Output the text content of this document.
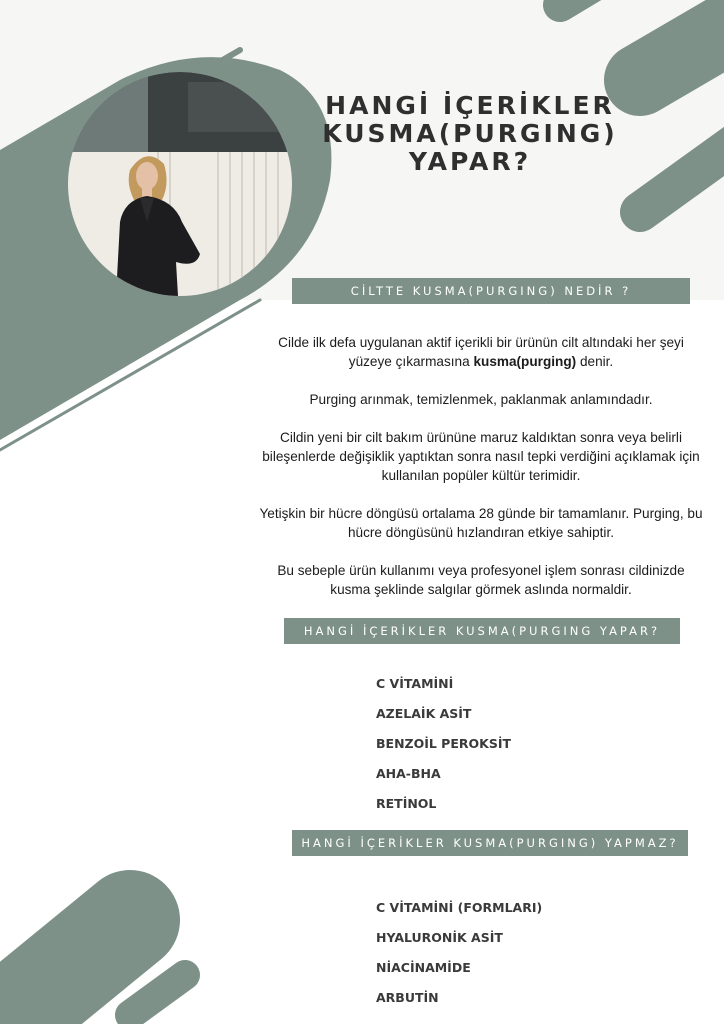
HANGİ İÇERİKLER
KUSMA(PURGING)
YAPAR?
CİLTTE KUSMA(PURGING) NEDİR ?

Cilde ilk defa uygulanan aktif içerikli bir ürünün cilt altındaki her şeyi yüzeye çıkarmasına kusma(purging) denir.

Purging arınmak, temizlenmek, paklanmak anlamındadır.

Cildin yeni bir cilt bakım ürününe maruz kaldıktan sonra veya belirli bileşenlerde değişiklik yaptıktan sonra nasıl tepki verdiğini açıklamak için kullanılan popüler kültür terimidir.

Yetişkin bir hücre döngüsü ortalama 28 günde bir tamamlanır. Purging, bu hücre döngüsünü hızlandıran etkiye sahiptir.

Bu sebeple ürün kullanımı veya profesyonel işlem sonrası cildinizde kusma şeklinde salgılar görmek aslında normaldir.

HANGİ İÇERİKLER KUSMA(PURGING YAPAR?
C VİTAMİNİ
AZELAİK ASİT
BENZOİL PEROKSİT
AHA-BHA
RETİNOL
HANGİ İÇERİKLER KUSMA(PURGING) YAPMAZ?
C VİTAMİNİ (FORMLARI)
HYALURONİK ASİT
NİACİNAMİDE
ARBUTİN
